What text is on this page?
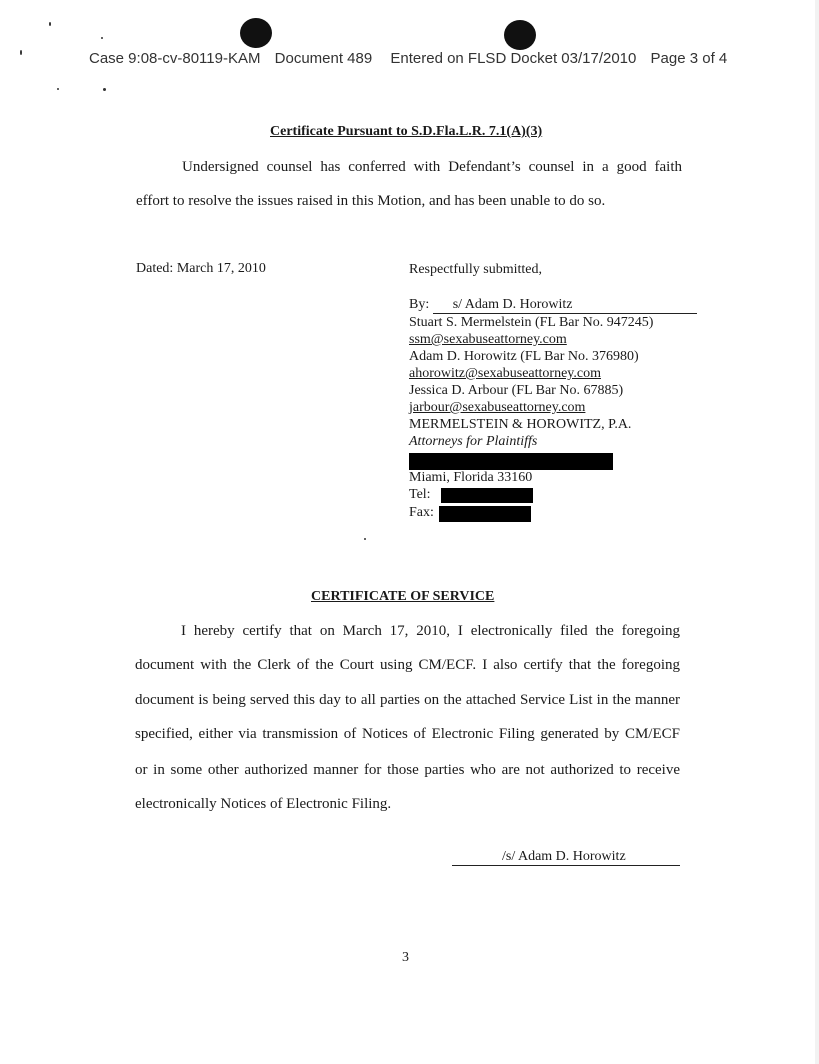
Case 9:08-cv-80119-KAM Document 489 Entered on FLSD Docket 03/17/2010 Page 3 of 4
Certificate Pursuant to S.D.Fla.L.R. 7.1(A)(3)
Undersigned counsel has conferred with Defendant’s counsel in a good faith
effort to resolve the issues raised in this Motion, and has been unable to do so.
Dated: March 17, 2010	Respectfully submitted,
By: s/ Adam D. Horowitz
Stuart S. Mermelstein (FL Bar No. 947245)
ssm@sexabuseattorney.com
Adam D. Horowitz (FL Bar No. 376980)
ahorowitz@sexabuseattorney.com
Jessica D. Arbour (FL Bar No. 67885)
jarbour@sexabuseattorney.com
MERMELSTEIN & HOROWITZ, P.A.
Attorneys for Plaintiffs
Miami, Florida 33160
Tel:
Fax:
CERTIFICATE OF SERVICE
I hereby certify that on March 17, 2010, I electronically filed the foregoing
document with the Clerk of the Court using CM/ECF. I also certify that the foregoing
document is being served this day to all parties on the attached Service List in the manner
specified, either via transmission of Notices of Electronic Filing generated by CM/ECF
or in some other authorized manner for those parties who are not authorized to receive
electronically Notices of Electronic Filing.
/s/ Adam D. Horowitz
3
